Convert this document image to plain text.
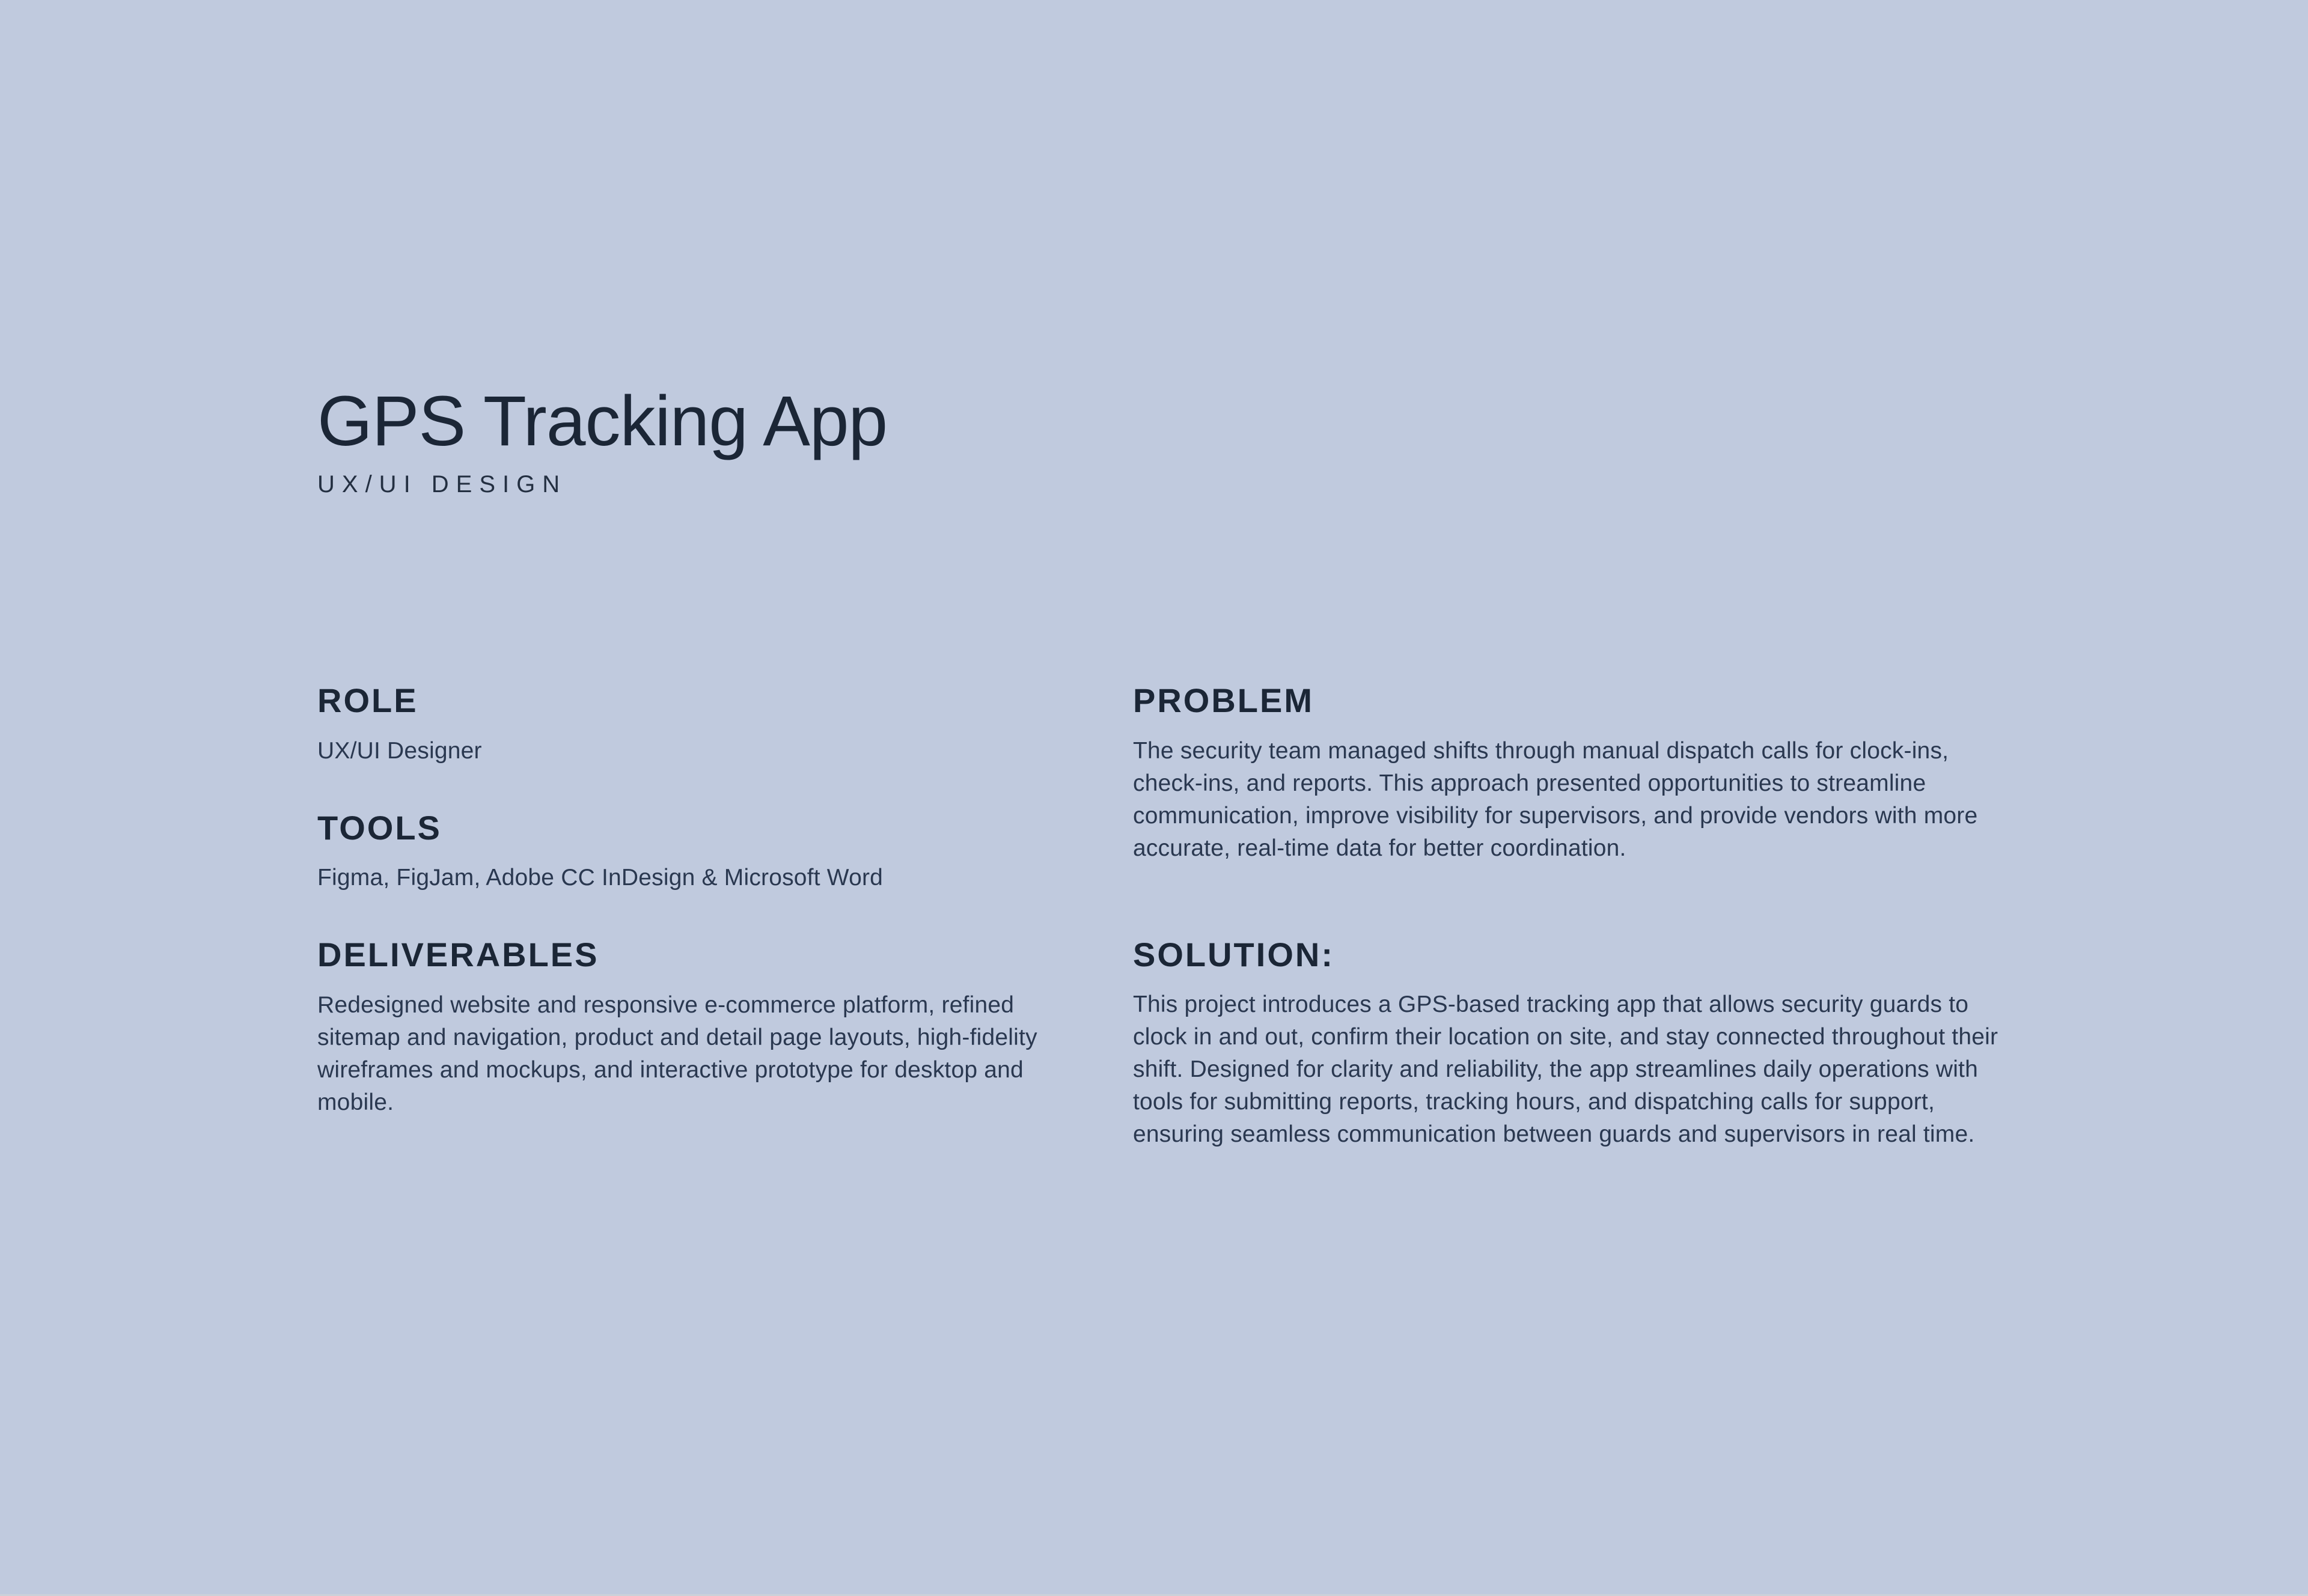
GPS Tracking App
UX/UI DESIGN
ROLE

UX/UI Designer

TOOLS

Figma, FigJam, Adobe CC InDesign & Microsoft Word

DELIVERABLES

Redesigned website and responsive e-commerce platform, refined sitemap and navigation, product and detail page layouts, high-fidelity wireframes and mockups, and interactive prototype for desktop and mobile.

PROBLEM

The security team managed shifts through manual dispatch calls for clock-ins, check-ins, and reports. This approach presented opportunities to streamline communication, improve visibility for supervisors, and provide vendors with more accurate, real-time data for better coordination.

SOLUTION:

This project introduces a GPS-based tracking app that allows security guards to clock in and out, confirm their location on site, and stay connected throughout their shift. Designed for clarity and reliability, the app streamlines daily operations with tools for submitting reports, tracking hours, and dispatching calls for support, ensuring seamless communication between guards and supervisors in real time.
